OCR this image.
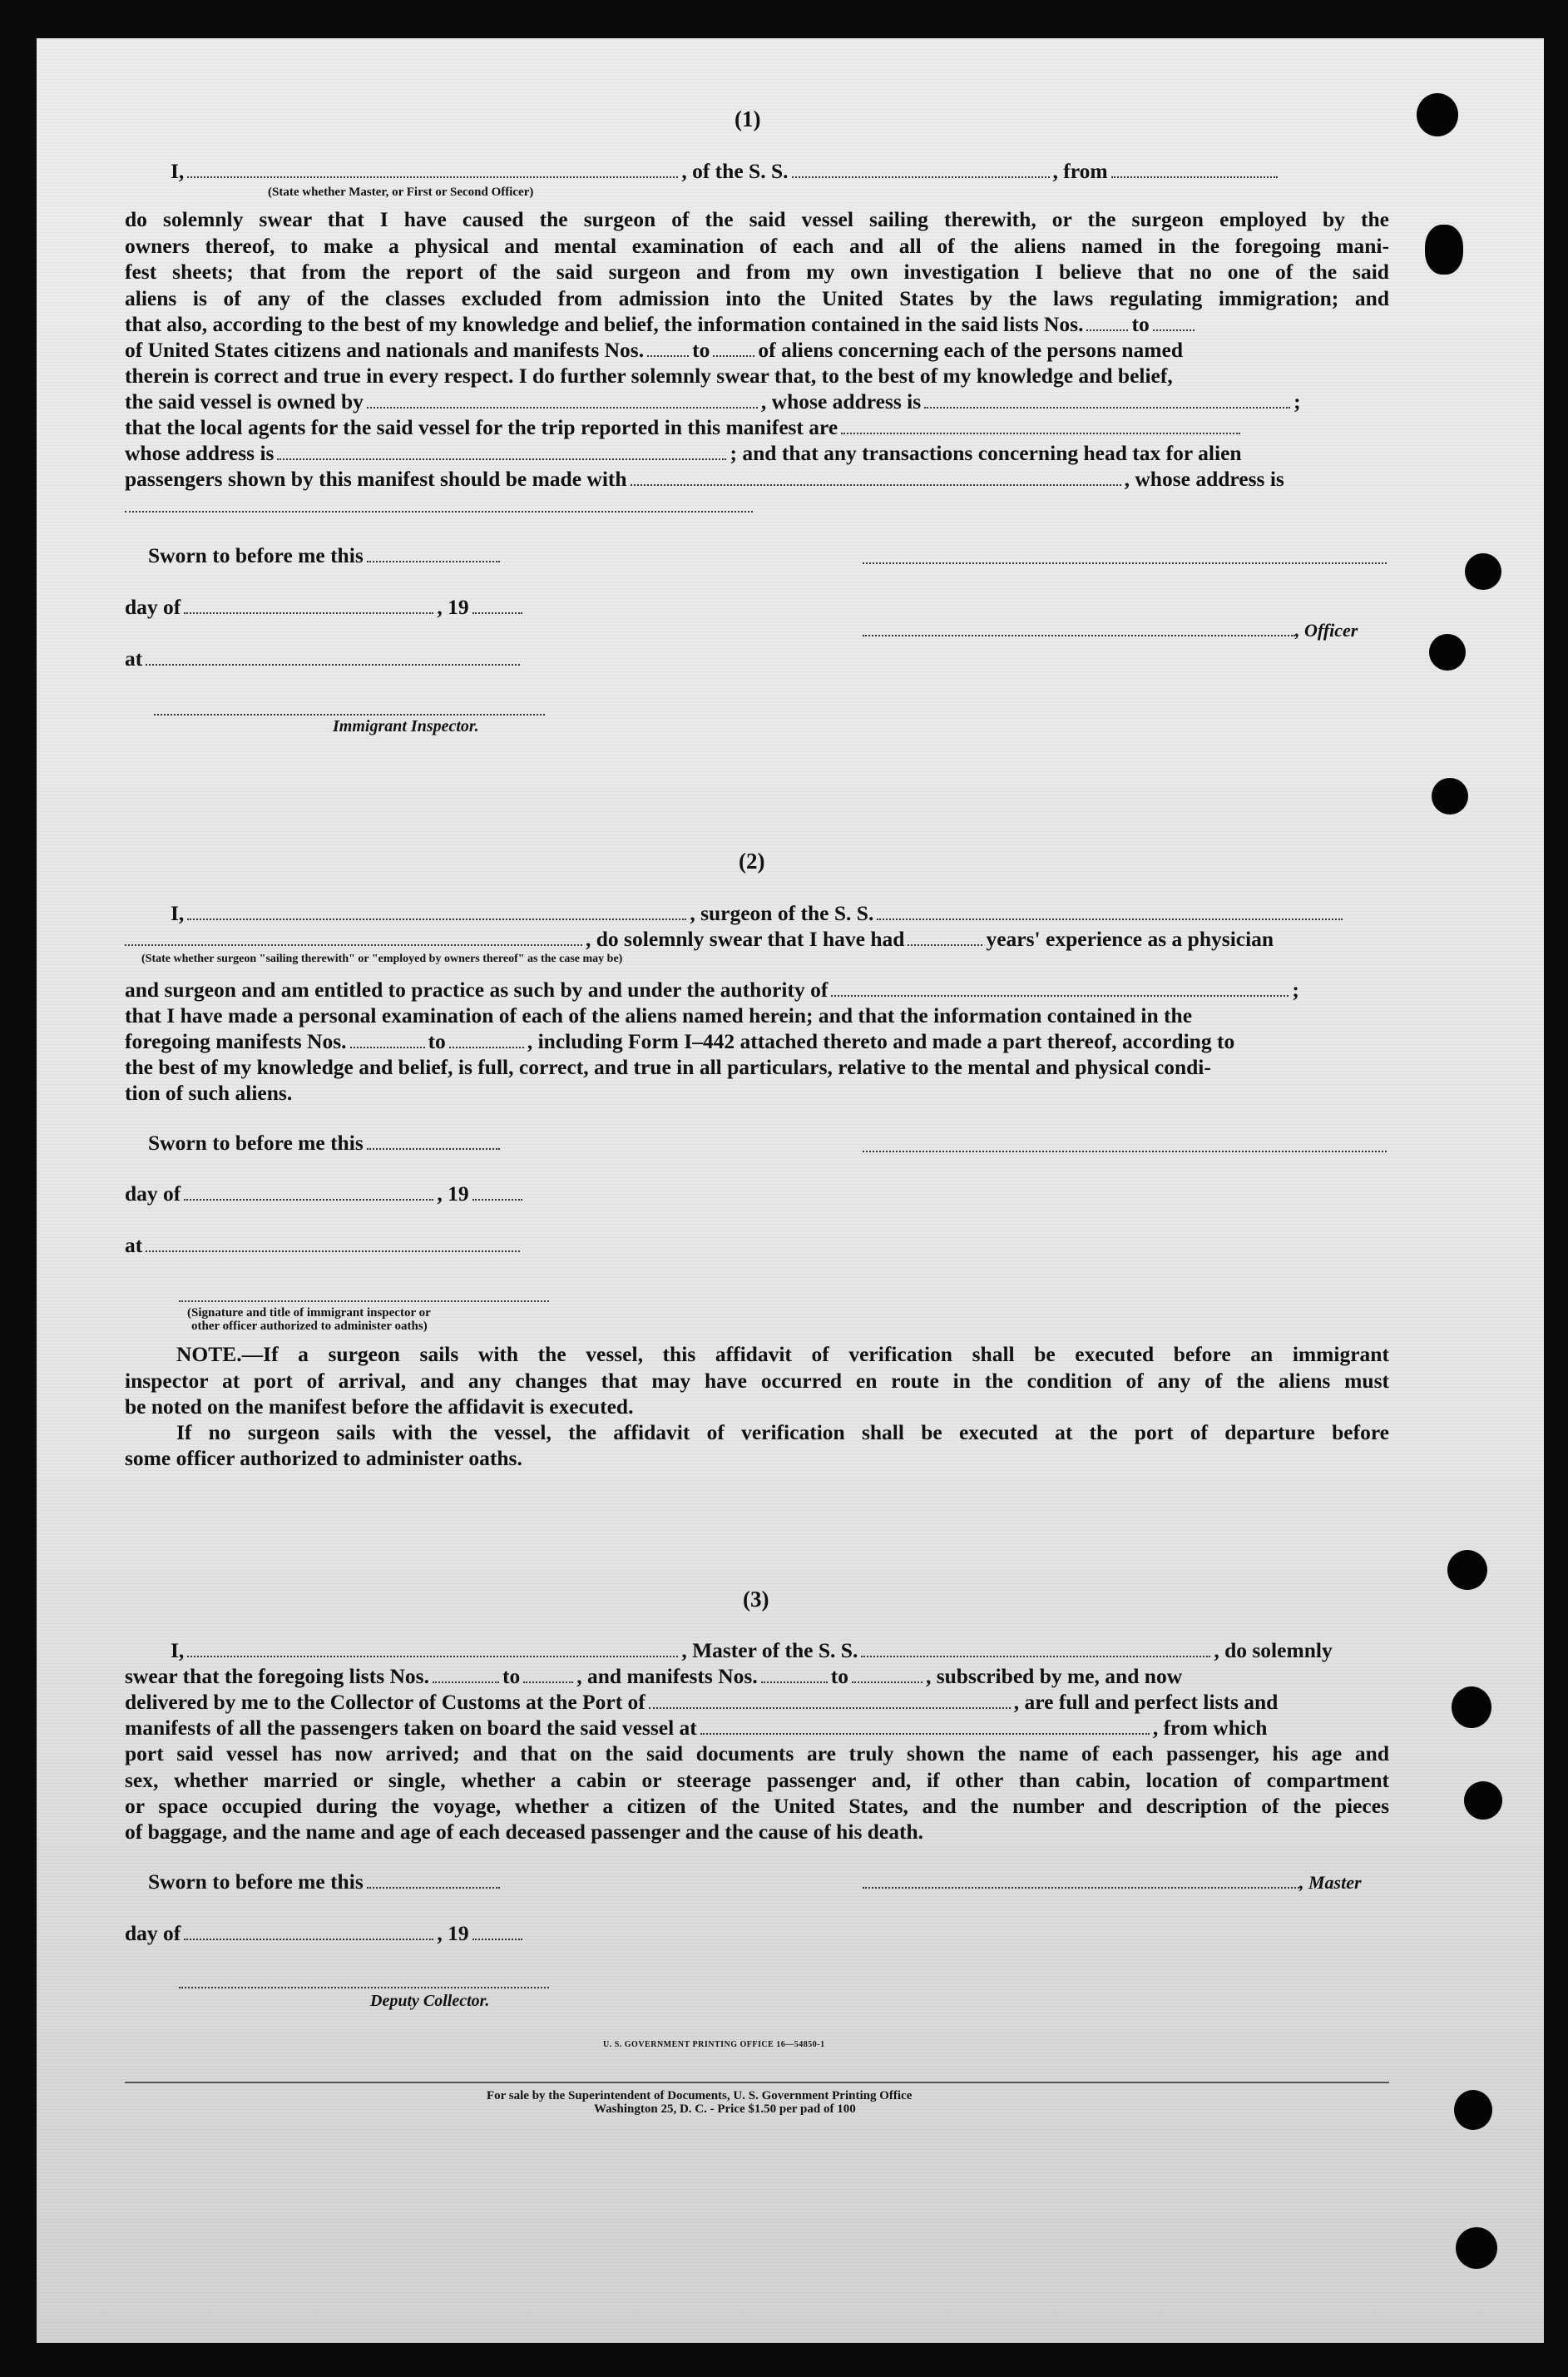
(1)
I,	, of the S. S.	, from
(State whether Master, or First or Second Officer)
do solemnly swear that I have caused the surgeon of the said vessel sailing therewith, or the surgeon employed by the
owners thereof, to make a physical and mental examination of each and all of the aliens named in the foregoing mani-
fest sheets; that from the report of the said surgeon and from my own investigation I believe that no one of the said
aliens is of any of the classes excluded from admission into the United States by the laws regulating immigration; and
that also, according to the best of my knowledge and belief, the information contained in the said lists Nos. to
of United States citizens and nationals and manifests Nos. to of aliens concerning each of the persons named
therein is correct and true in every respect. I do further solemnly swear that, to the best of my knowledge and belief,
the said vessel is owned by	, whose address is	;
that the local agents for the said vessel for the trip reported in this manifest are
whose address is	; and that any transactions concerning head tax for alien
passengers shown by this manifest should be made with	, whose address is
Sworn to before me this
day of	, 19
, Officer
at
Immigrant Inspector.
(2)
I,	, surgeon of the S. S.
, do solemnly swear that I have had	years' experience as a physician
(State whether surgeon "sailing therewith" or "employed by owners thereof" as the case may be)
and surgeon and am entitled to practice as such by and under the authority of	;
that I have made a personal examination of each of the aliens named herein; and that the information contained in the
foregoing manifests Nos.	to	, including Form I–442 attached thereto and made a part thereof, according to
the best of my knowledge and belief, is full, correct, and true in all particulars, relative to the mental and physical condi-
tion of such aliens.
Sworn to before me this
day of	, 19
at
(Signature and title of immigrant inspector or
other officer authorized to administer oaths)
NOTE.—If a surgeon sails with the vessel, this affidavit of verification shall be executed before an immigrant
inspector at port of arrival, and any changes that may have occurred en route in the condition of any of the aliens must
be noted on the manifest before the affidavit is executed.
If no surgeon sails with the vessel, the affidavit of verification shall be executed at the port of departure before
some officer authorized to administer oaths.
(3)
I,	, Master of the S. S.	, do solemnly
swear that the foregoing lists Nos.	to	, and manifests Nos.	to	, subscribed by me, and now
delivered by me to the Collector of Customs at the Port of	, are full and perfect lists and
manifests of all the passengers taken on board the said vessel at	, from which
port said vessel has now arrived; and that on the said documents are truly shown the name of each passenger, his age and
sex, whether married or single, whether a cabin or steerage passenger and, if other than cabin, location of compartment
or space occupied during the voyage, whether a citizen of the United States, and the number and description of the pieces
of baggage, and the name and age of each deceased passenger and the cause of his death.
Sworn to before me this	, Master
day of	, 19
Deputy Collector.
U. S. GOVERNMENT PRINTING OFFICE 16—54850-1
For sale by the Superintendent of Documents, U. S. Government Printing Office
Washington 25, D. C. - Price $1.50 per pad of 100
